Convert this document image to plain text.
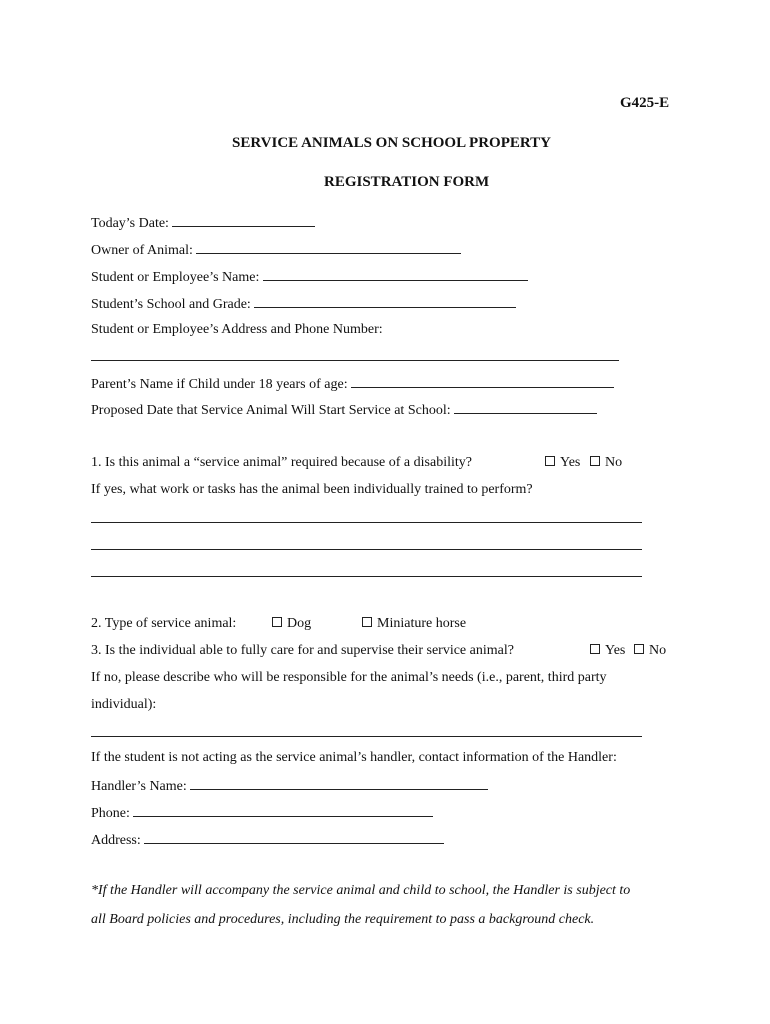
G425-E
SERVICE ANIMALS ON SCHOOL PROPERTY
REGISTRATION FORM
Today’s Date:
Owner of Animal:
Student or Employee’s Name:
Student’s School and Grade:
Student or Employee’s Address and Phone Number:
Parent’s Name if Child under 18 years of age:
Proposed Date that Service Animal Will Start Service at School:
1. Is this animal a “service animal” required because of a disability?	Yes	No
If yes, what work or tasks has the animal been individually trained to perform?
2. Type of service animal:	Dog	Miniature horse
3. Is the individual able to fully care for and supervise their service animal?	Yes	No
If no, please describe who will be responsible for the animal’s needs (i.e., parent, third party
individual):
If the student is not acting as the service animal’s handler, contact information of the Handler:
Handler’s Name:
Phone:
Address:
*If the Handler will accompany the service animal and child to school, the Handler is subject to
all Board policies and procedures, including the requirement to pass a background check.
